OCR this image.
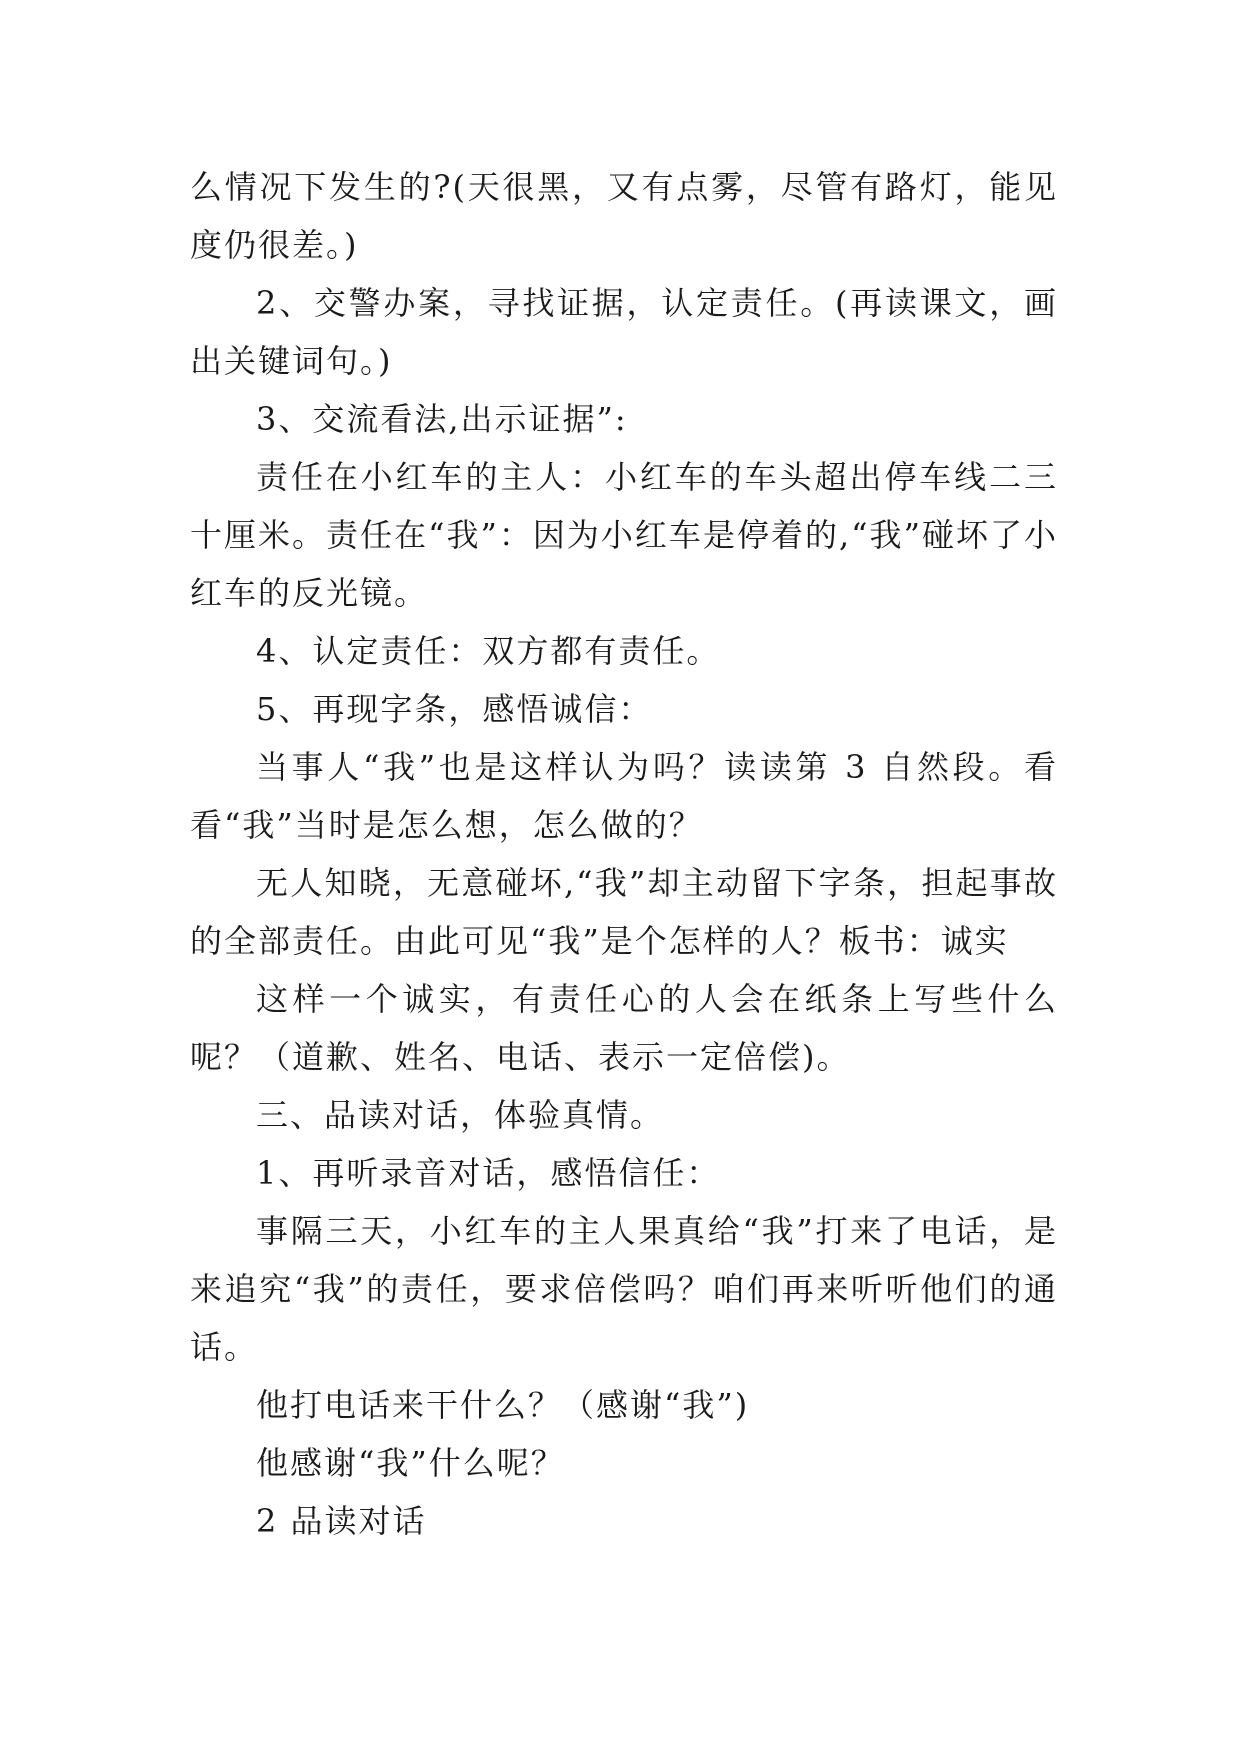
么情况下发生的?(天很黑，又有点雾，尽管有路灯，能见度仍很差。)

2、交警办案，寻找证据，认定责任。(再读课文，画出关键词句。)

3、交流看法,出示证据”:

责任在小红车的主人：小红车的车头超出停车线二三十厘米。责任在“我”：因为小红车是停着的,“我”碰坏了小红车的反光镜。

4、认定责任：双方都有责任。

5、再现字条，感悟诚信：

当事人“我”也是这样认为吗？读读第 3 自然段。看看“我”当时是怎么想，怎么做的？

无人知晓，无意碰坏,“我”却主动留下字条，担起事故的全部责任。由此可见“我”是个怎样的人？板书：诚实

这样一个诚实，有责任心的人会在纸条上写些什么呢？（道歉、姓名、电话、表示一定倍偿)。

三、品读对话，体验真情。

1、再听录音对话，感悟信任：

事隔三天，小红车的主人果真给“我”打来了电话，是来追究“我”的责任，要求倍偿吗？咱们再来听听他们的通话。

他打电话来干什么？（感谢“我”)

他感谢“我”什么呢？

2 品读对话
